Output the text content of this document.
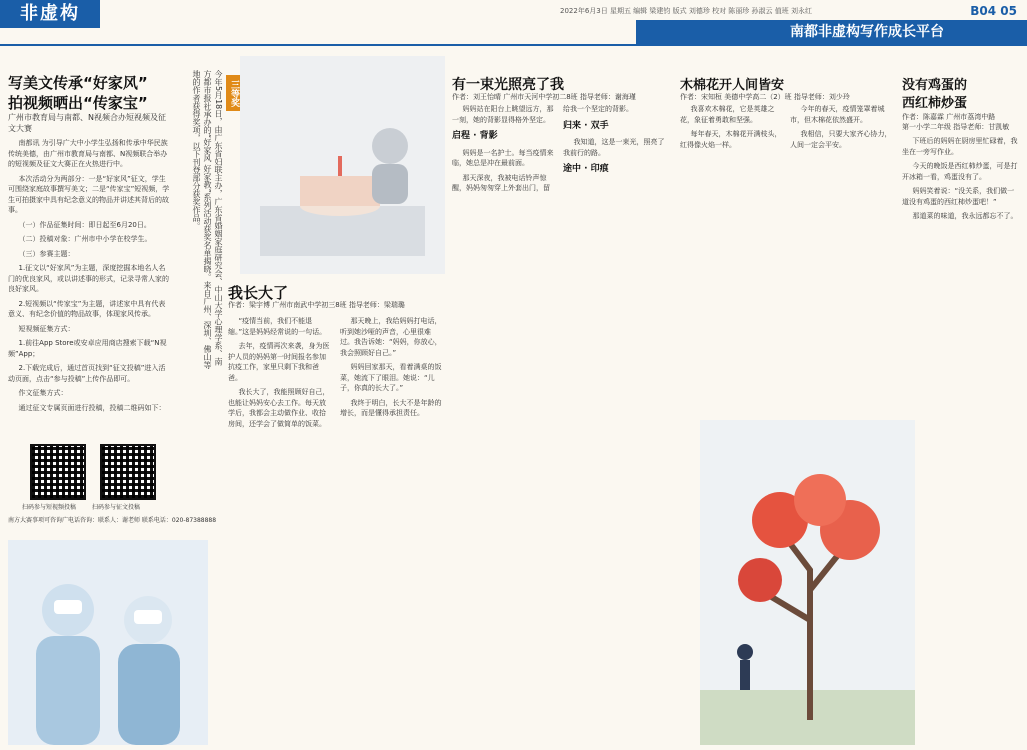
非虚构	2022年6月3日 星期五 编辑 梁建钧 版式 刘德珍 校对 陈丽珍 孙淑云 值班 刘永红	B04 05
南都非虚构写作成长平台
写美文传承“好家风”
拍视频晒出“传家宝”
广州市教育局与南都、N视频合办短视频及征文大赛

南都讯 为引导广大中小学生弘扬和传承中华民族传统美德，由广州市教育局与南都、N视频联合举办的短视频及征文大赛正在火热进行中。

本次活动分为两部分：一是“好家风”征文，学生可围绕家庭故事撰写美文；二是“传家宝”短视频，学生可拍摄家中具有纪念意义的物品并讲述其背后的故事。

（一）作品征集时间：即日起至6月20日。

（二）投稿对象：广州市中小学在校学生。

（三）参赛主题：

1.征文以“好家风”为主题，深度挖掘本地名人名门的优良家风，或以讲述事的形式，记录寻常人家的良好家风。

2.短视频以“传家宝”为主题，讲述家中具有代表意义、有纪念价值的物品故事，体现家风传承。

短视频征集方式：

1.前往App Store或安卓应用商店搜索下载“N视频”App；

2.下载完成后，通过首页找到“征文投稿”进入活动页面，点击“参与投稿”上传作品即可。

作文征集方式：

通过征文专属页面进行投稿，投稿二维码如下：

扫码参与短视频投稿	扫码参与征文投稿
南方大赛事项可咨询广电话咨询：联系人：谢老师 联系电话：020-87388888
今年5月18日，由广东省妇联主办，广东省婚姻家庭研究会、中山大学心理学系、南方都市报社承办的“好家风 好家教”系列活动获奖名单揭晓。来自广州、深圳、佛山等地的作者获得奖项，以下刊登部分获奖作品。	三等奖
我长大了
作者：梁宇博 广州市南武中学初三8班 指导老师：梁瑞璐

“疫情当前，我们不能退缩。”这是妈妈经常说的一句话。

去年，疫情再次来袭，身为医护人员的妈妈第一时间报名参加抗疫工作，家里只剩下我和爸爸。

我长大了，我能照顾好自己，也能让妈妈安心去工作。每天放学后，我都会主动做作业、收拾房间，还学会了做简单的饭菜。

那天晚上，我给妈妈打电话，听到她沙哑的声音，心里很难过。我告诉她：“妈妈，你放心，我会照顾好自己。”

妈妈回家那天，看着满桌的饭菜，她流下了眼泪。她说：“儿子，你真的长大了。”

我终于明白，长大不是年龄的增长，而是懂得承担责任。

有一束光照亮了我
作者：刘王怡晴 广州市天河中学初二8班 指导老师：谢海瑾

妈妈站在阳台上眺望远方，那一刻，她的背影显得格外坚定。

启程 · 背影

妈妈是一名护士。每当疫情来临，她总是冲在最前面。

那天深夜，我被电话铃声惊醒，妈妈匆匆穿上外套出门，留给我一个坚定的背影。

归来 · 双手

我知道，这是一束光，照亮了我前行的路。

途中 · 印痕
木棉花开人间皆安
作者：宋知桓 美德中学高二（2）班 指导老师：刘少玲

我喜欢木棉花，它是英雄之花，象征着勇敢和坚强。

每年春天，木棉花开满枝头，红得像火焰一样。

今年的春天，疫情笼罩着城市，但木棉花依然盛开。

我相信，只要大家齐心协力，人间一定会平安。

没有鸡蛋的
西红柿炒蛋
作者：陈嘉霖 广州市荔湾中路
第一小学二年级 指导老师：甘凯敏

下班后的妈妈在厨房里忙碌着，我坐在一旁写作业。

今天的晚饭是西红柿炒蛋，可是打开冰箱一看，鸡蛋没有了。

妈妈笑着说：“没关系，我们做一道没有鸡蛋的西红柿炒蛋吧！”

那道菜的味道，我永远都忘不了。
